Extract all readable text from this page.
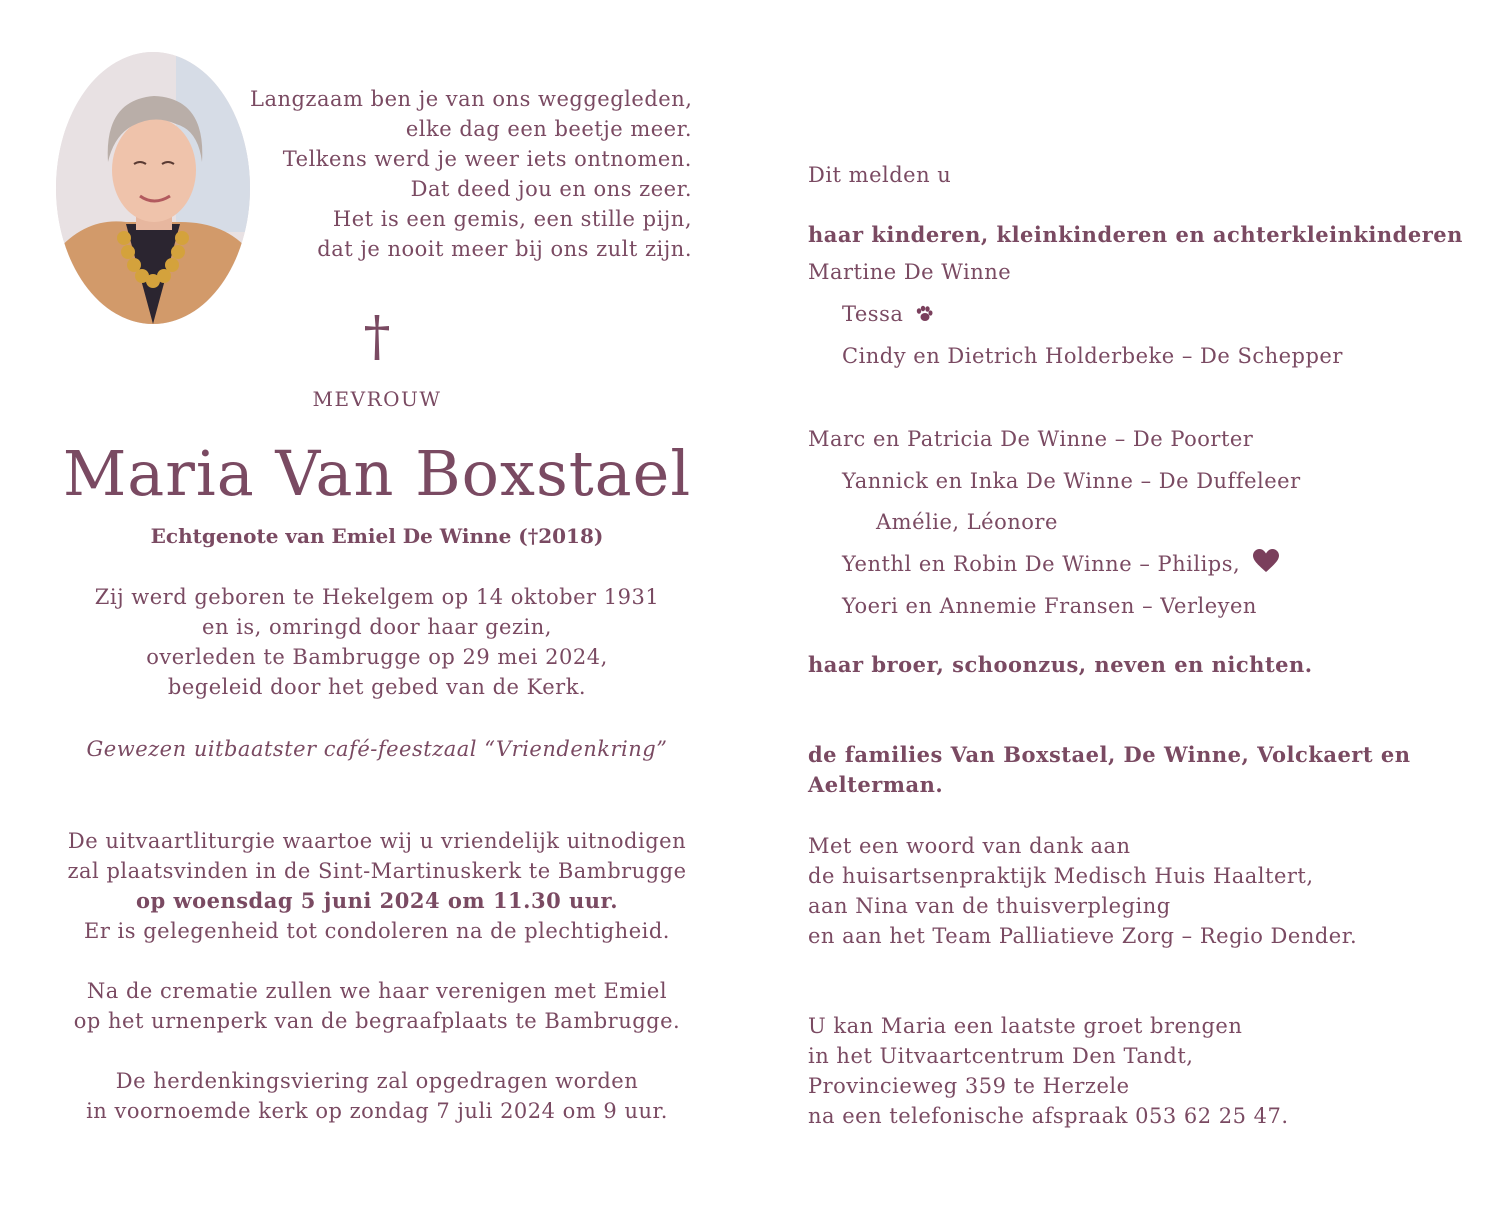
Langzaam ben je van ons weggegleden,
elke dag een beetje meer.
Telkens werd je weer iets ontnomen.
Dat deed jou en ons zeer.
Het is een gemis, een stille pijn,
dat je nooit meer bij ons zult zijn.
†
MEVROUW
Maria Van Boxstael
Echtgenote van Emiel De Winne (†2018)
Zij werd geboren te Hekelgem op 14 oktober 1931
en is, omringd door haar gezin,
overleden te Bambrugge op 29 mei 2024,
begeleid door het gebed van de Kerk.
Gewezen uitbaatster café-feestzaal “Vriendenkring”
De uitvaartliturgie waartoe wij u vriendelijk uitnodigen
zal plaatsvinden in de Sint-Martinuskerk te Bambrugge
op woensdag 5 juni 2024 om 11.30 uur.
Er is gelegenheid tot condoleren na de plechtigheid.
Na de crematie zullen we haar verenigen met Emiel
op het urnenperk van de begraafplaats te Bambrugge.
De herdenkingsviering zal opgedragen worden
in voornoemde kerk op zondag 7 juli 2024 om 9 uur.
Dit melden u
haar kinderen, kleinkinderen en achterkleinkinderen
Martine De Winne
Tessa
Cindy en Dietrich Holderbeke – De Schepper
Marc en Patricia De Winne – De Poorter
Yannick en Inka De Winne – De Duffeleer
Amélie, Léonore
Yenthl en Robin De Winne – Philips,
Yoeri en Annemie Fransen – Verleyen
haar broer, schoonzus, neven en nichten.
de families Van Boxstael, De Winne, Volckaert en Aelterman.
Met een woord van dank aan
de huisartsenpraktijk Medisch Huis Haaltert,
aan Nina van de thuisverpleging
en aan het Team Palliatieve Zorg – Regio Dender.
U kan Maria een laatste groet brengen
in het Uitvaartcentrum Den Tandt,
Provincieweg 359 te Herzele
na een telefonische afspraak 053 62 25 47.
